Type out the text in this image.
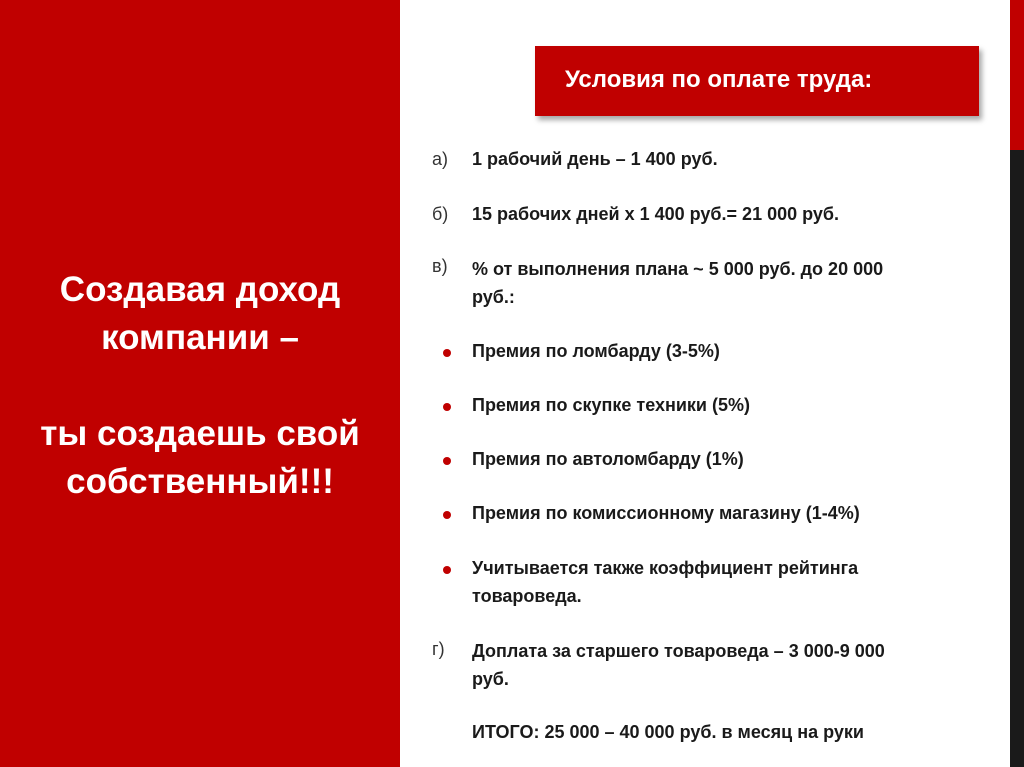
Создавая доход
компании –
ты создаешь свой
собственный!!!
Условия по оплате труда:
а) 1 рабочий день – 1 400 руб.
б) 15 рабочих дней х 1 400 руб.= 21 000 руб.
в) % от выполнения плана ~ 5 000 руб. до 20 000
руб.:
Премия по ломбарду (3-5%)
Премия по скупке техники (5%)
Премия по автоломбарду (1%)
Премия по комиссионному магазину (1-4%)
Учитывается также коэффициент рейтинга
товароведа.
г) Доплата за старшего товароведа – 3 000-9 000
руб.
ИТОГО: 25 000 – 40 000 руб. в месяц на руки
